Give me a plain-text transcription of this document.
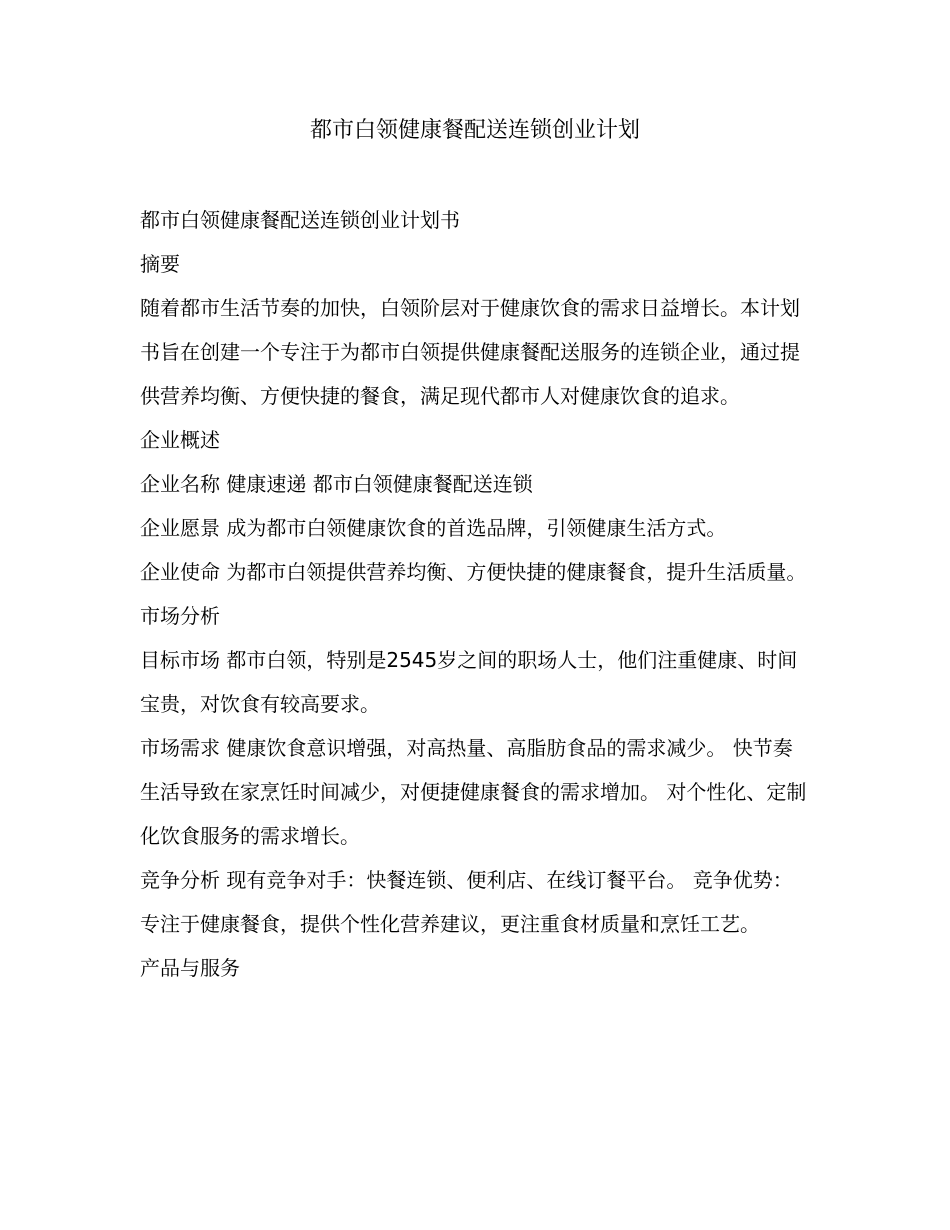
都市白领健康餐配送连锁创业计划

都市白领健康餐配送连锁创业计划书

摘要

随着都市生活节奏的加快，白领阶层对于健康饮食的需求日益增长。本计划书旨在创建一个专注于为都市白领提供健康餐配送服务的连锁企业，通过提供营养均衡、方便快捷的餐食，满足现代都市人对健康饮食的追求。

企业概述

企业名称 健康速递 都市白领健康餐配送连锁

企业愿景 成为都市白领健康饮食的首选品牌，引领健康生活方式。

企业使命 为都市白领提供营养均衡、方便快捷的健康餐食，提升生活质量。

市场分析

目标市场 都市白领，特别是2545岁之间的职场人士，他们注重健康、时间宝贵，对饮食有较高要求。

市场需求 健康饮食意识增强，对高热量、高脂肪食品的需求减少。 快节奏生活导致在家烹饪时间减少，对便捷健康餐食的需求增加。 对个性化、定制化饮食服务的需求增长。

竞争分析 现有竞争对手：快餐连锁、便利店、在线订餐平台。 竞争优势：专注于健康餐食，提供个性化营养建议，更注重食材质量和烹饪工艺。

产品与服务
